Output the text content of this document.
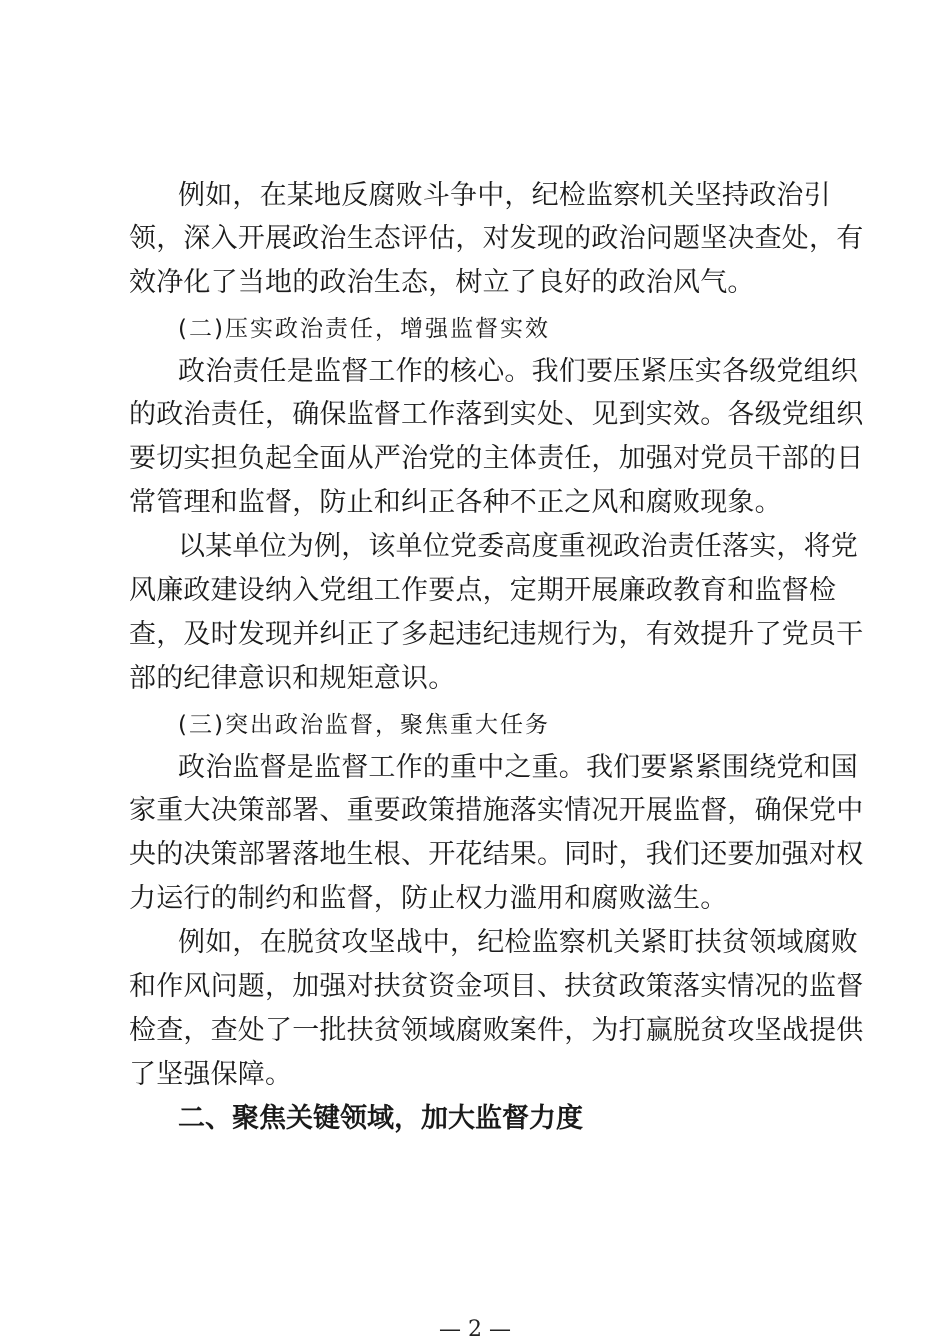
例如，在某地反腐败斗争中，纪检监察机关坚持政治引
领，深入开展政治生态评估，对发现的政治问题坚决查处，有
效净化了当地的政治生态，树立了良好的政治风气。
(二)压实政治责任，增强监督实效
政治责任是监督工作的核心。我们要压紧压实各级党组织
的政治责任，确保监督工作落到实处、见到实效。各级党组织
要切实担负起全面从严治党的主体责任，加强对党员干部的日
常管理和监督，防止和纠正各种不正之风和腐败现象。
以某单位为例，该单位党委高度重视政治责任落实，将党
风廉政建设纳入党组工作要点，定期开展廉政教育和监督检
查，及时发现并纠正了多起违纪违规行为，有效提升了党员干
部的纪律意识和规矩意识。
(三)突出政治监督，聚焦重大任务
政治监督是监督工作的重中之重。我们要紧紧围绕党和国
家重大决策部署、重要政策措施落实情况开展监督，确保党中
央的决策部署落地生根、开花结果。同时，我们还要加强对权
力运行的制约和监督，防止权力滥用和腐败滋生。
例如，在脱贫攻坚战中，纪检监察机关紧盯扶贫领域腐败
和作风问题，加强对扶贫资金项目、扶贫政策落实情况的监督
检查，查处了一批扶贫领域腐败案件，为打赢脱贫攻坚战提供
了坚强保障。
二、聚焦关键领域，加大监督力度
— 2 —
